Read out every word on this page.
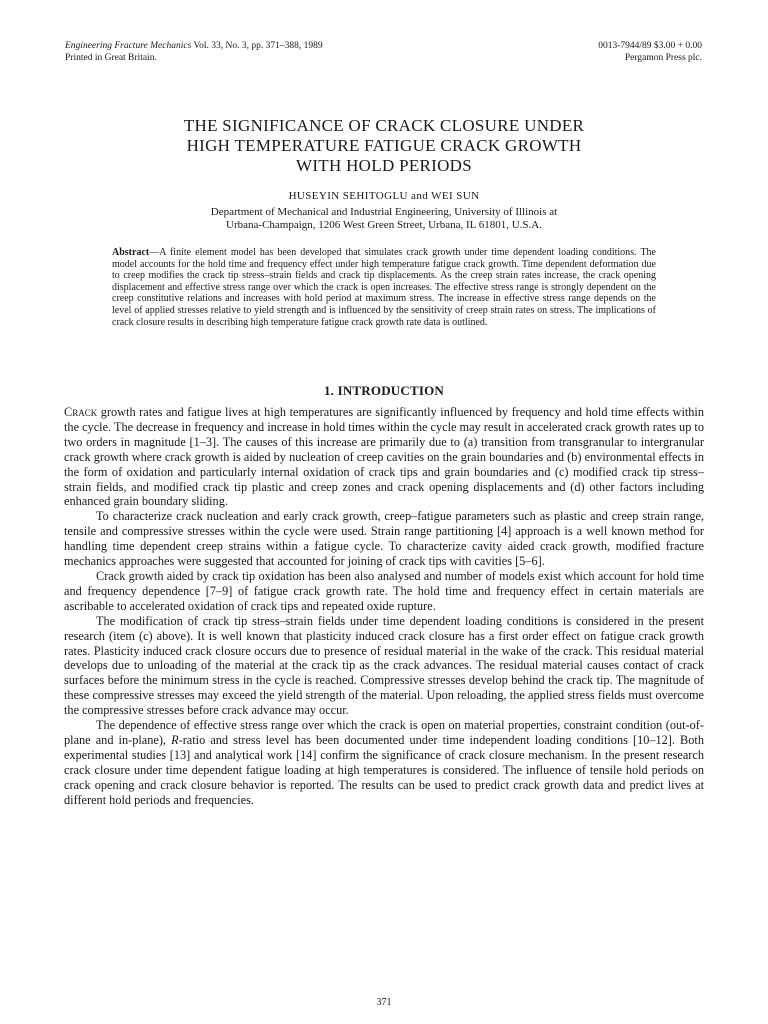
Engineering Fracture Mechanics Vol. 33, No. 3, pp. 371–388, 1989
Printed in Great Britain.
0013-7944/89 $3.00 + 0.00
Pergamon Press plc.
THE SIGNIFICANCE OF CRACK CLOSURE UNDER
HIGH TEMPERATURE FATIGUE CRACK GROWTH
WITH HOLD PERIODS
HUSEYIN SEHITOGLU and WEI SUN
Department of Mechanical and Industrial Engineering, University of Illinois at
Urbana-Champaign, 1206 West Green Street, Urbana, IL 61801, U.S.A.
Abstract—A finite element model has been developed that simulates crack growth under time dependent loading conditions. The model accounts for the hold time and frequency effect under high temperature fatigue crack growth. Time dependent deformation due to creep modifies the crack tip stress–strain fields and crack tip displacements. As the creep strain rates increase, the crack opening displacement and effective stress range over which the crack is open increases. The effective stress range is strongly dependent on the creep constitutive relations and increases with hold period at maximum stress. The increase in effective stress range depends on the level of applied stresses relative to yield strength and is influenced by the sensitivity of creep strain rates on stress. The implications of crack closure results in describing high temperature fatigue crack growth rate data is outlined.
1. INTRODUCTION

Crack growth rates and fatigue lives at high temperatures are significantly influenced by frequency and hold time effects within the cycle. The decrease in frequency and increase in hold times within the cycle may result in accelerated crack growth rates up to two orders in magnitude [1–3]. The causes of this increase are primarily due to (a) transition from transgranular to intergranular crack growth where crack growth is aided by nucleation of creep cavities on the grain boundaries and (b) environmental effects in the form of oxidation and particularly internal oxidation of crack tips and grain boundaries and (c) modified crack tip stress–strain fields, and modified crack tip plastic and creep zones and crack opening displacements and (d) other factors including enhanced grain boundary sliding.

To characterize crack nucleation and early crack growth, creep–fatigue parameters such as plastic and creep strain range, tensile and compressive stresses within the cycle were used. Strain range partitioning [4] approach is a well known method for handling time dependent creep strains within a fatigue cycle. To characterize cavity aided crack growth, modified fracture mechanics approaches were suggested that accounted for joining of crack tips with cavities [5–6].

Crack growth aided by crack tip oxidation has been also analysed and number of models exist which account for hold time and frequency dependence [7–9] of fatigue crack growth rate. The hold time and frequency effect in certain materials are ascribable to accelerated oxidation of crack tips and repeated oxide rupture.

The modification of crack tip stress–strain fields under time dependent loading conditions is considered in the present research (item (c) above). It is well known that plasticity induced crack closure has a first order effect on fatigue crack growth rates. Plasticity induced crack closure occurs due to presence of residual material in the wake of the crack. This residual material develops due to unloading of the material at the crack tip as the crack advances. The residual material causes contact of crack surfaces before the minimum stress in the cycle is reached. Compressive stresses develop behind the crack tip. The magnitude of these compressive stresses may exceed the yield strength of the material. Upon reloading, the applied stress fields must overcome the compressive stresses before crack advance may occur.

The dependence of effective stress range over which the crack is open on material properties, constraint condition (out-of-plane and in-plane), R-ratio and stress level has been documented under time independent loading conditions [10–12]. Both experimental studies [13] and analytical work [14] confirm the significance of crack closure mechanism. In the present research crack closure under time dependent fatigue loading at high temperatures is considered. The influence of tensile hold periods on crack opening and crack closure behavior is reported. The results can be used to predict crack growth data and predict lives at different hold periods and frequencies.

371
